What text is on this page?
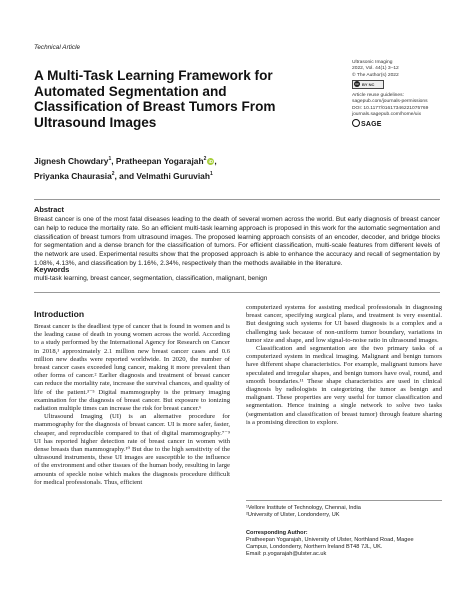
Technical Article
Ultrasonic Imaging
2022, Vol. 44(1) 3–12
© The Author(s) 2022
cc BY NC
Article reuse guidelines:
sagepub.com/journals-permissions
DOI: 10.1177/01617346221075769
journals.sagepub.com/home/uix
SAGE
A Multi-Task Learning Framework for Automated Segmentation and Classification of Breast Tumors From Ultrasound Images
Jignesh Chowdary$^1$, Pratheepan Yogarajah$^2$ iD,
Priyanka Chaurasia$^2$, and Velmathi Guruviah$^1$
Abstract
Breast cancer is one of the most fatal diseases leading to the death of several women across the world. But early diagnosis of breast cancer can help to reduce the mortality rate. So an efficient multi-task learning approach is proposed in this work for the automatic segmentation and classification of breast tumors from ultrasound images. The proposed learning approach consists of an encoder, decoder, and bridge blocks for segmentation and a dense branch for the classification of tumors. For efficient classification, multi-scale features from different levels of the network are used. Experimental results show that the proposed approach is able to enhance the accuracy and recall of segmentation by 1.08%, 4.13%, and classification by 1.16%, 2.34%, respectively than the methods available in the literature.
Keywords
multi-task learning, breast cancer, segmentation, classification, malignant, benign
Introduction

Breast cancer is the deadliest type of cancer that is found in women and is the leading cause of death in young women across the world. According to a study performed by the International Agency for Research on Cancer in 2018,¹ approximately 2.1 million new breast cancer cases and 0.6 million new deaths were reported worldwide. In 2020, the number of breast cancer cases exceeded lung cancer, making it more prevalent than other forms of cancer.² Earlier diagnosis and treatment of breast cancer can reduce the mortality rate, increase the survival chances, and quality of life of the patient.³⁻⁵ Digital mammography is the primary imaging examination for the diagnosis of breast cancer. But exposure to ionizing radiation multiple times can increase the risk for breast cancer.⁶

Ultrasound Imaging (UI) is an alternative procedure for mammography for the diagnosis of breast cancer. UI is more safer, faster, cheaper, and reproducible compared to that of digital mammography.⁷⁻⁹ UI has reported higher detection rate of breast cancer in women with dense breasts than mammography.¹⁰ But due to the high sensitivity of the ultrasound instruments, these UI images are susceptible to the influence of the environment and other tissues of the human body, resulting in large amounts of speckle noise which makes the diagnosis procedure difficult for medical professionals. Thus, efficient

computerized systems for assisting medical professionals in diagnosing breast cancer, specifying surgical plans, and treatment is very essential. But designing such systems for UI based diagnosis is a complex and a challenging task because of non-uniform tumor boundary, variations in tumor size and shape, and low signal-to-noise ratio in ultrasound images.

Classification and segmentation are the two primary tasks of a computerized system in medical imaging. Malignant and benign tumors have different shape characteristics. For example, malignant tumors have speculated and irregular shapes, and benign tumors have oval, round, and smooth boundaries.¹¹ These shape characteristics are used in clinical diagnosis by radiologists in categorizing the tumor as benign and malignant. These properties are very useful for tumor classification and segmentation. Hence training a single network to solve two tasks (segmentation and classification of breast tumor) through feature sharing is a promising direction to explore.

¹Vellore Institute of Technology, Chennai, India
²University of Ulster, Londonderry, UK
Corresponding Author:
Pratheepan Yogarajah, University of Ulster, Northland Road, Magee
Campus, Londonderry, Northern Ireland BT48 7JL, UK.
Email: p.yogarajah@ulster.ac.uk
